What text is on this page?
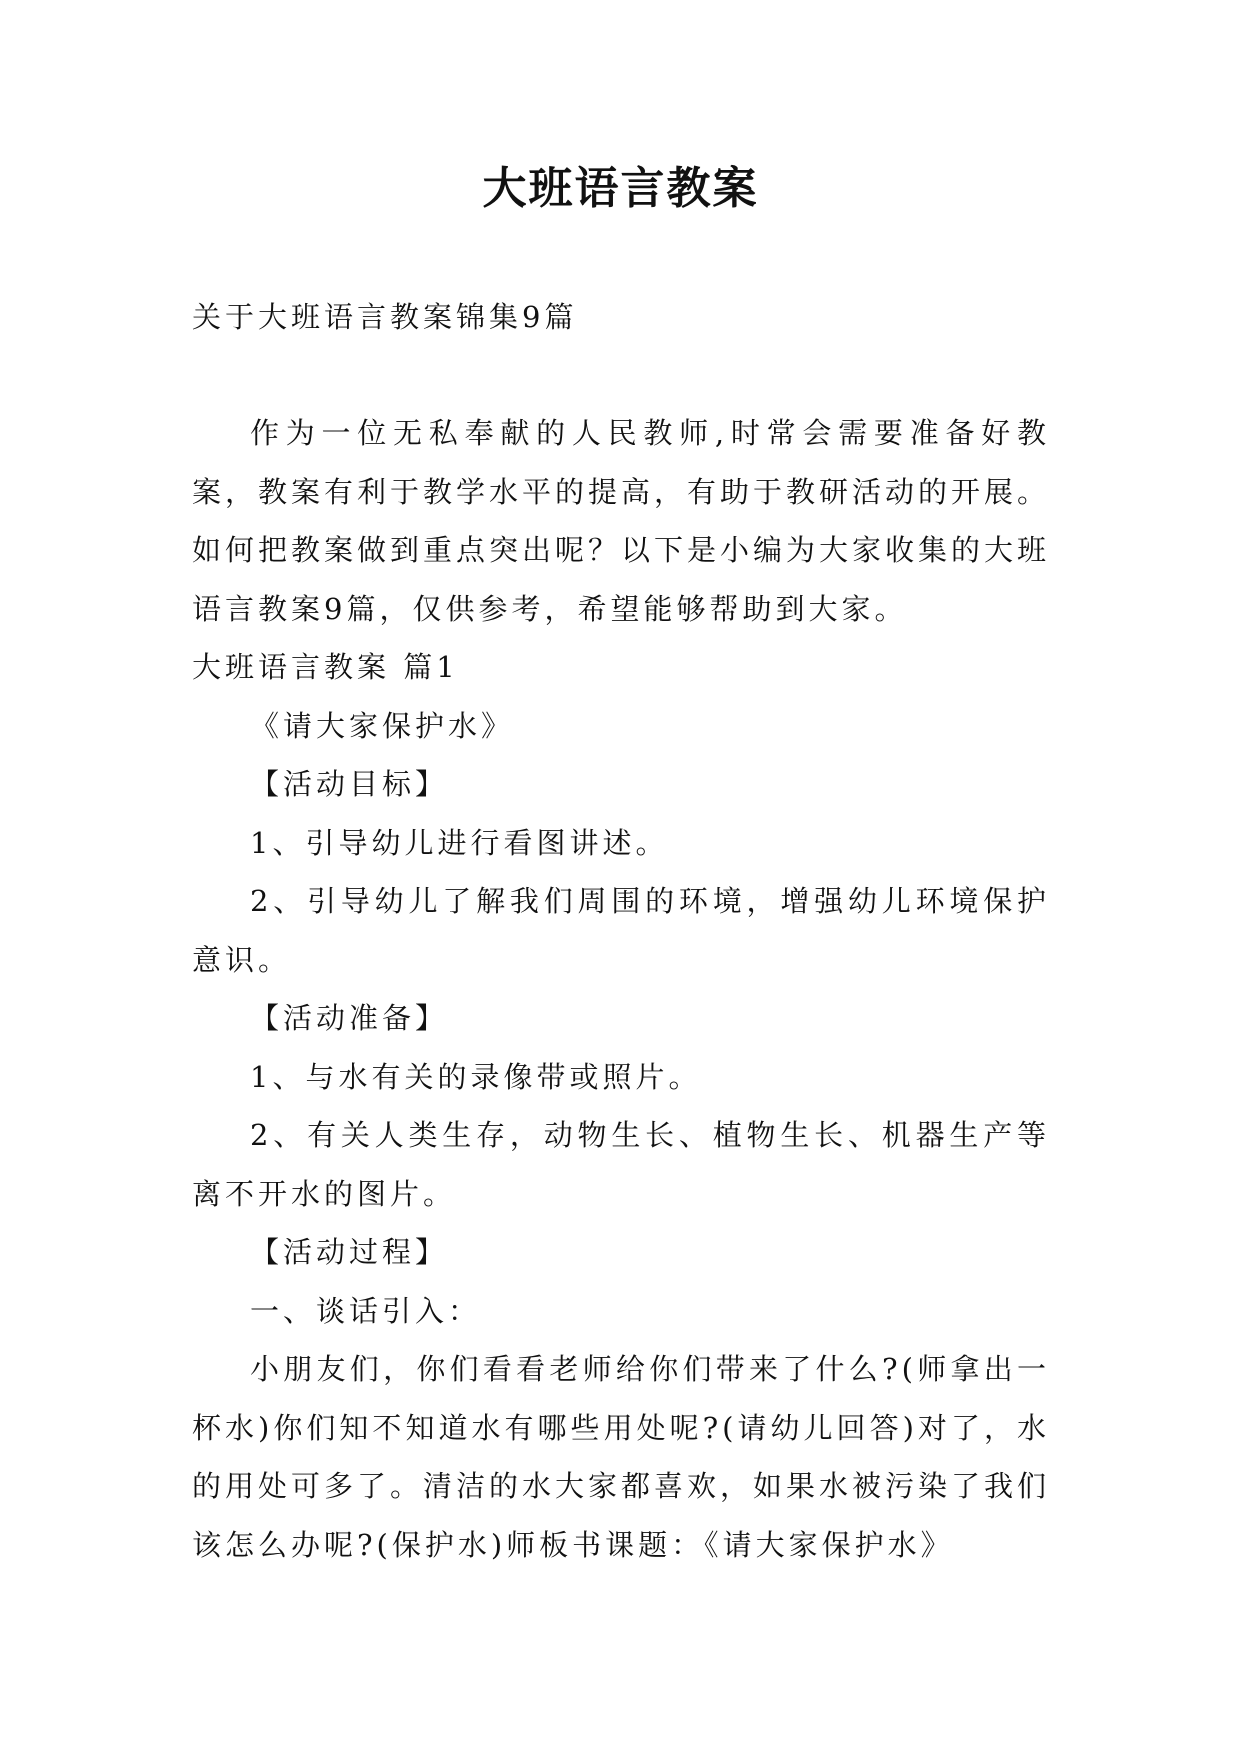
大班语言教案
关于大班语言教案锦集9篇

作为一位无私奉献的人民教师,时常会需要准备好教案，教案有利于教学水平的提高，有助于教研活动的开展。如何把教案做到重点突出呢？以下是小编为大家收集的大班语言教案9篇，仅供参考，希望能够帮助到大家。

大班语言教案 篇1

《请大家保护水》

【活动目标】

1、引导幼儿进行看图讲述。

2、引导幼儿了解我们周围的环境，增强幼儿环境保护意识。

【活动准备】

1、与水有关的录像带或照片。

2、有关人类生存，动物生长、植物生长、机器生产等离不开水的图片。

【活动过程】

一、谈话引入：

小朋友们，你们看看老师给你们带来了什么?(师拿出一杯水)你们知不知道水有哪些用处呢?(请幼儿回答)对了，水的用处可多了。清洁的水大家都喜欢，如果水被污染了我们该怎么办呢?(保护水)师板书课题：《请大家保护水》
